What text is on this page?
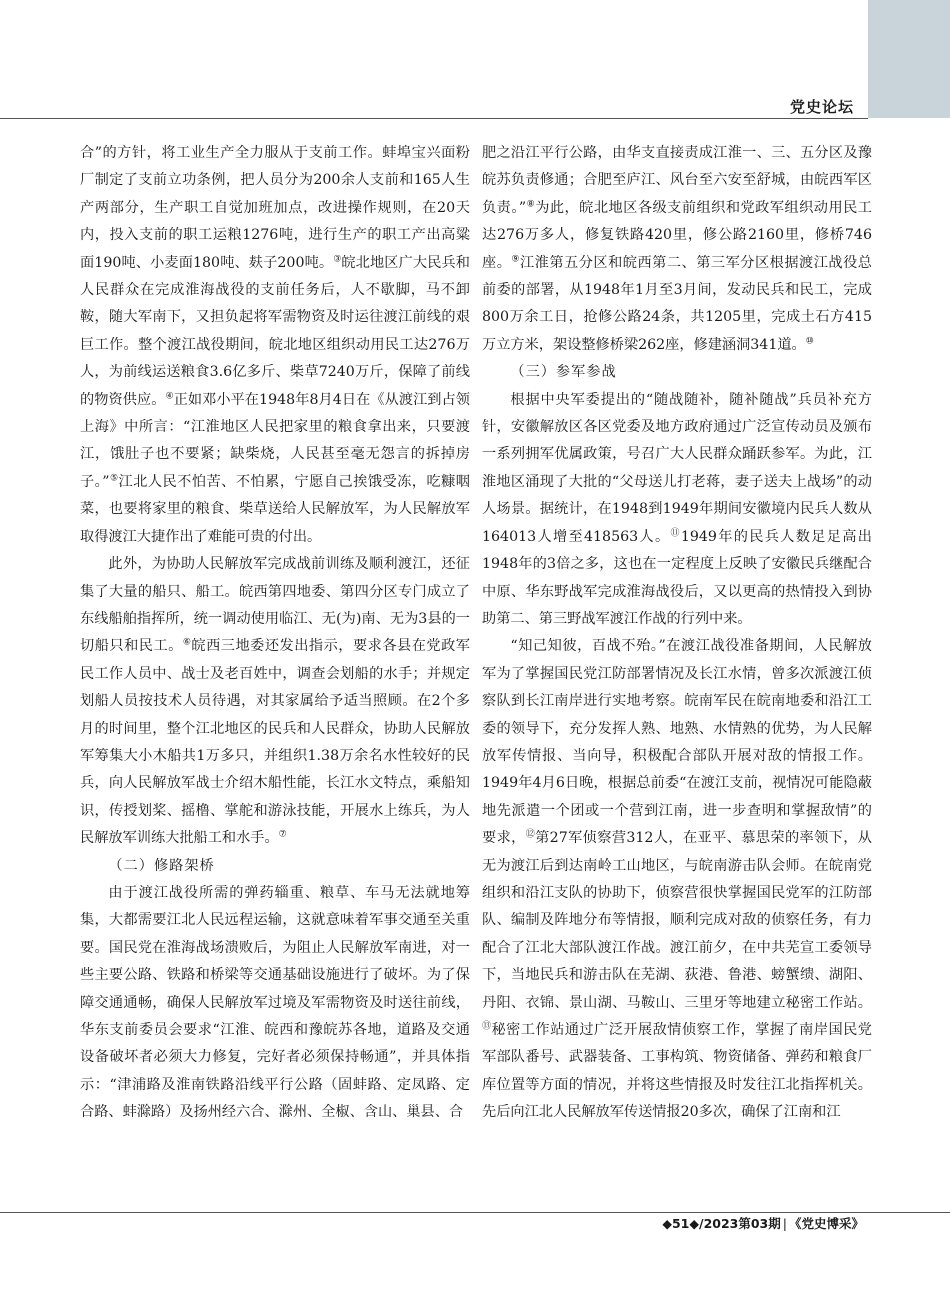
党史论坛

合”的方针，将工业生产全力服从于支前工作。蚌埠宝兴面粉厂制定了支前立功条例，把人员分为200余人支前和165人生产两部分，生产职工自觉加班加点，改进操作规则，在20天内，投入支前的职工运粮1276吨，进行生产的职工产出高粱面190吨、小麦面180吨、麸子200吨。③皖北地区广大民兵和人民群众在完成淮海战役的支前任务后，人不歇脚，马不卸鞍，随大军南下，又担负起将军需物资及时运往渡江前线的艰巨工作。整个渡江战役期间，皖北地区组织动用民工达276万人，为前线运送粮食3.6亿多斤、柴草7240万斤，保障了前线的物资供应。④正如邓小平在1948年8月4日在《从渡江到占领上海》中所言：“江淮地区人民把家里的粮食拿出来，只要渡江，饿肚子也不要紧；缺柴烧，人民甚至毫无怨言的拆掉房子。”⑤江北人民不怕苦、不怕累，宁愿自己挨饿受冻，吃糠咽菜，也要将家里的粮食、柴草送给人民解放军，为人民解放军取得渡江大捷作出了难能可贵的付出。

此外，为协助人民解放军完成战前训练及顺利渡江，还征集了大量的船只、船工。皖西第四地委、第四分区专门成立了东线船舶指挥所，统一调动使用临江、无(为)南、无为3县的一切船只和民工。⑥皖西三地委还发出指示，要求各县在党政军民工作人员中、战士及老百姓中，调查会划船的水手；并规定划船人员按技术人员待遇，对其家属给予适当照顾。在2个多月的时间里，整个江北地区的民兵和人民群众，协助人民解放军筹集大小木船共1万多只，并组织1.38万余名水性较好的民兵，向人民解放军战士介绍木船性能，长江水文特点，乘船知识，传授划桨、摇橹、掌舵和游泳技能，开展水上练兵，为人民解放军训练大批船工和水手。⑦

（二）修路架桥

由于渡江战役所需的弹药辎重、粮草、车马无法就地筹集，大都需要江北人民远程运输，这就意味着军事交通至关重要。国民党在淮海战场溃败后，为阻止人民解放军南进，对一些主要公路、铁路和桥梁等交通基础设施进行了破坏。为了保障交通通畅，确保人民解放军过境及军需物资及时送往前线，华东支前委员会要求“江淮、皖西和豫皖苏各地，道路及交通设备破坏者必须大力修复，完好者必须保持畅通”，并具体指示：“津浦路及淮南铁路沿线平行公路（固蚌路、定凤路、定合路、蚌滁路）及扬州经六合、滁州、全椒、含山、巢县、合

肥之沿江平行公路，由华支直接责成江淮一、三、五分区及豫皖苏负责修通；合肥至庐江、风台至六安至舒城，由皖西军区负责。”⑧为此，皖北地区各级支前组织和党政军组织动用民工达276万多人，修复铁路420里，修公路2160里，修桥746座。⑨江淮第五分区和皖西第二、第三军分区根据渡江战役总前委的部署，从1948年1月至3月间，发动民兵和民工，完成800万余工日，抢修公路24条，共1205里，完成土石方415万立方米，架设整修桥梁262座，修建涵洞341道。⑩

（三）参军参战

根据中央军委提出的“随战随补，随补随战”兵员补充方针，安徽解放区各区党委及地方政府通过广泛宣传动员及颁布一系列拥军优属政策，号召广大人民群众踊跃参军。为此，江淮地区涌现了大批的“父母送儿打老蒋，妻子送夫上战场”的动人场景。据统计，在1948到1949年期间安徽境内民兵人数从164013人增至418563人。⑪1949年的民兵人数足足高出1948年的3倍之多，这也在一定程度上反映了安徽民兵继配合中原、华东野战军完成淮海战役后，又以更高的热情投入到协助第二、第三野战军渡江作战的行列中来。

“知己知彼，百战不殆。”在渡江战役准备期间，人民解放军为了掌握国民党江防部署情况及长江水情，曾多次派渡江侦察队到长江南岸进行实地考察。皖南军民在皖南地委和沿江工委的领导下，充分发挥人熟、地熟、水情熟的优势，为人民解放军传情报、当向导，积极配合部队开展对敌的情报工作。1949年4月6日晚，根据总前委“在渡江支前，视情况可能隐蔽地先派遣一个团或一个营到江南，进一步查明和掌握敌情”的要求，⑫第27军侦察营312人，在亚平、慕思荣的率领下，从无为渡江后到达南岭工山地区，与皖南游击队会师。在皖南党组织和沿江支队的协助下，侦察营很快掌握国民党军的江防部队、编制及阵地分布等情报，顺利完成对敌的侦察任务，有力配合了江北大部队渡江作战。渡江前夕，在中共芜宣工委领导下，当地民兵和游击队在芜湖、荻港、鲁港、螃蟹缋、湖阳、丹阳、衣锦、景山湖、马鞍山、三里牙等地建立秘密工作站。⑬秘密工作站通过广泛开展敌情侦察工作，掌握了南岸国民党军部队番号、武器装备、工事构筑、物资储备、弹药和粮食厂库位置等方面的情况，并将这些情报及时发往江北指挥机关。先后向江北人民解放军传送情报20多次，确保了江南和江

◆51◆/2023第03期 | 《党史博采》
